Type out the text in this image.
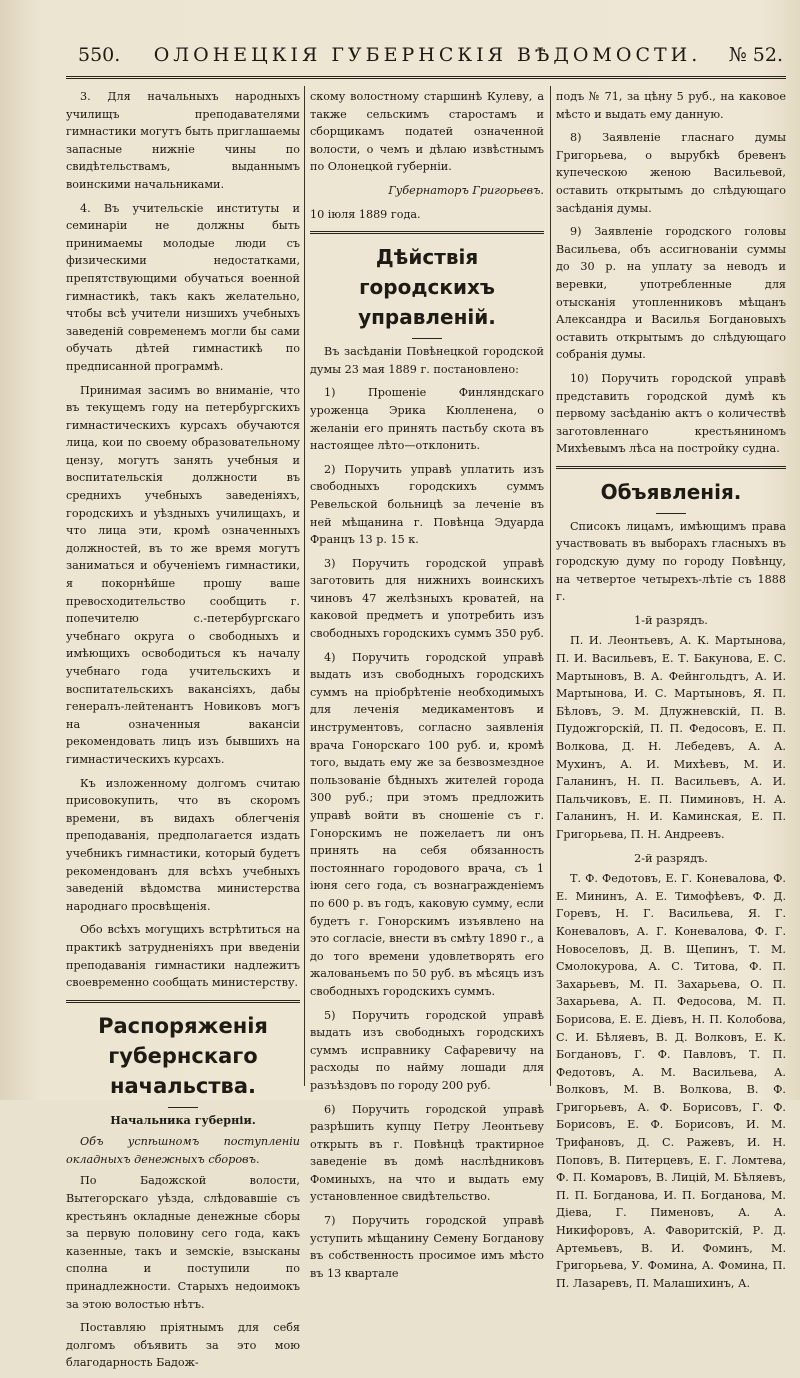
550.	ОЛОНЕЦКІЯ ГУБЕРНСКІЯ ВѢДОМОСТИ.	№ 52.

3. Для начальныхъ народныхъ училищъ преподавателями гимнастики могутъ быть приглашаемы запасные нижніе чины по свидѣтельствамъ, выданнымъ воинскими начальниками.

4. Въ учительскіе институты и семинаріи не должны быть принимаемы молодые люди съ физическими недостатками, препятствующими обучаться военной гимнастикѣ, такъ какъ желательно, чтобы всѣ учители низшихъ учебныхъ заведеній современемъ могли бы сами обучать дѣтей гимнастикѣ по предписанной программѣ.

Принимая засимъ во вниманіе, что въ текущемъ году на петербургскихъ гимнастическихъ курсахъ обучаются лица, кои по своему образовательному цензу, могутъ занять учебныя и воспитательскія должности въ среднихъ учебныхъ заведеніяхъ, городскихъ и уѣздныхъ училищахъ, и что лица эти, кромѣ означенныхъ должностей, въ то же время могутъ заниматься и обученіемъ гимнастики, я покорнѣйше прошу ваше превосходительство сообщить г. попечителю с.-петербургскаго учебнаго округа о свободныхъ и имѣющихъ освободиться къ началу учебнаго года учительскихъ и воспитательскихъ вакансіяхъ, дабы генералъ-лейтенантъ Новиковъ могъ на означенныя вакансіи рекомендовать лицъ изъ бывшихъ на гимнастическихъ курсахъ.

Къ изложенному долгомъ считаю присовокупить, что въ скоромъ времени, въ видахъ облегченія преподаванія, предполагается издать учебникъ гимнастики, который будетъ рекомендованъ для всѣхъ учебныхъ заведеній вѣдомства министерства народнаго просвѣщенія.

Обо всѣхъ могущихъ встрѣтиться на практикѣ затрудненіяхъ при введеніи преподаванія гимнастики надлежитъ своевременно сообщать министерству.

Распоряженія губернскаго начальства.
Начальника губерніи.
Объ успѣшномъ поступленіи окладныхъ денежныхъ сборовъ.

По Бадожской волости, Вытегорскаго уѣзда, слѣдовавшіе съ крестьянъ окладные денежные сборы за первую половину сего года, какъ казенные, такъ и земскіе, взысканы сполна и поступили по принадлежности. Старыхъ недоимокъ за этою волостью нѣтъ.

Поставляю пріятнымъ для себя долгомъ объявить за это мою благодарность Бадож-

скому волостному старшинѣ Кулеву, а также сельскимъ старостамъ и сборщикамъ податей означенной волости, о чемъ и дѣлаю извѣстнымъ по Олонецкой губерніи.

Губернаторъ Григорьевъ.
10 іюля 1889 года.
Дѣйствія городскихъ управленій.

Въ засѣданіи Повѣнецкой городской думы 23 мая 1889 г. постановлено:

1) Прошеніе Финляндскаго уроженца Эрика Кюлленена, о желаніи его принять пастьбу скота въ настоящее лѣто—отклонить.

2) Поручить управѣ уплатить изъ свободныхъ городскихъ суммъ Ревельской больницѣ за леченіе въ ней мѣщанина г. Повѣнца Эдуарда Францъ 13 р. 15 к.

3) Поручить городской управѣ заготовить для нижнихъ воинскихъ чиновъ 47 желѣзныхъ кроватей, на каковой предметъ и употребить изъ свободныхъ городскихъ суммъ 350 руб.

4) Поручить городской управѣ выдать изъ свободныхъ городскихъ суммъ на пріобрѣтеніе необходимыхъ для леченія медикаментовъ и инструментовъ, согласно заявленія врача Гонорскаго 100 руб. и, кромѣ того, выдать ему же за безвозмездное пользованіе бѣдныхъ жителей города 300 руб.; при этомъ предложить управѣ войти въ сношеніе съ г. Гонорскимъ не пожелаетъ ли онъ принять на себя обязанность постояннаго городового врача, съ 1 іюня сего года, съ вознагражденіемъ по 600 р. въ годъ, каковую сумму, если будетъ г. Гонорскимъ изъявлено на это согласіе, внести въ смѣту 1890 г., а до того времени удовлетворять его жалованьемъ по 50 руб. въ мѣсяцъ изъ свободныхъ городскихъ суммъ.

5) Поручить городской управѣ выдать изъ свободныхъ городскихъ суммъ исправнику Сафаревичу на расходы по найму лошади для разъѣздовъ по городу 200 руб.

6) Поручить городской управѣ разрѣшить купцу Петру Леонтьеву открыть въ г. Повѣнцѣ трактирное заведеніе въ домѣ наслѣдниковъ Фоминыхъ, на что и выдать ему установленное свидѣтельство.

7) Поручить городской управѣ уступить мѣщанину Семену Богданову въ собственность просимое имъ мѣсто въ 13 квартале

подъ № 71, за цѣну 5 руб., на каковое мѣсто и выдать ему данную.

8) Заявленіе гласнаго думы Григорьева, о вырубкѣ бревенъ купеческою женою Васильевой, оставить открытымъ до слѣдующаго засѣданія думы.

9) Заявленіе городского головы Васильева, объ ассигнованіи суммы до 30 р. на уплату за неводъ и веревки, употребленные для отысканія утопленниковъ мѣщанъ Александра и Василья Богдановыхъ оставить открытымъ до слѣдующаго собранія думы.

10) Поручить городской управѣ представить городской думѣ къ первому засѣданію актъ о количествѣ заготовленнаго крестьяниномъ Михѣевымъ лѣса на постройку судна.

Объявленія.

Списокъ лицамъ, имѣющимъ права участвовать въ выборахъ гласныхъ въ городскую думу по городу Повѣнцу, на четвертое четырехъ-лѣтіе съ 1888 г.

1-й разрядъ.

П. И. Леонтьевъ, А. К. Мартынова, П. И. Васильевъ, Е. Т. Бакунова, Е. С. Мартыновъ, В. А. Фейнгольдтъ, А. И. Мартынова, И. С. Мартыновъ, Я. П. Бѣловъ, Э. М. Длужневскій, П. В. Пудожгорскій, П. П. Федосовъ, Е. П. Волкова, Д. Н. Лебедевъ, А. А. Мухинъ, А. И. Михѣевъ, М. И. Галанинъ, Н. П. Васильевъ, А. И. Пальчиковъ, Е. П. Пиминовъ, Н. А. Галанинъ, Н. И. Каминская, Е. П. Григорьева, П. Н. Андреевъ.

2-й разрядъ.

Т. Ф. Федотовъ, Е. Г. Коневалова, Ф. Е. Мининъ, А. Е. Тимофѣевъ, Ф. Д. Горевъ, Н. Г. Васильева, Я. Г. Коневаловъ, А. Г. Коневалова, Ф. Г. Новоселовъ, Д. В. Щепинъ, Т. М. Смолокурова, А. С. Титова, Ф. П. Захарьевъ, М. П. Захарьева, О. П. Захарьева, А. П. Федосова, М. П. Борисова, Е. Е. Дiевъ, Н. П. Колобова, С. И. Бѣляевъ, В. Д. Волковъ, Е. К. Богдановъ, Г. Ф. Павловъ, Т. П. Федотовъ, А. М. Васильева, А. Волковъ, М. В. Волкова, В. Ф. Григорьевъ, А. Ф. Борисовъ, Г. Ф. Борисовъ, Е. Ф. Борисовъ, И. М. Трифановъ, Д. С. Ражевъ, И. Н. Поповъ, В. Питерцевъ, Е. Г. Ломтева, Ф. П. Комаровъ, В. Лицій, М. Бѣляевъ, П. П. Богданова, И. П. Богданова, М. Дiева, Г. Пименовъ, А. А. Никифоровъ, А. Фаворитскій, Р. Д. Артемьевъ, В. И. Фоминъ, М. Григорьева, У. Фомина, А. Фомина, П. П. Лазаревъ, П. Малашихинъ, А.
